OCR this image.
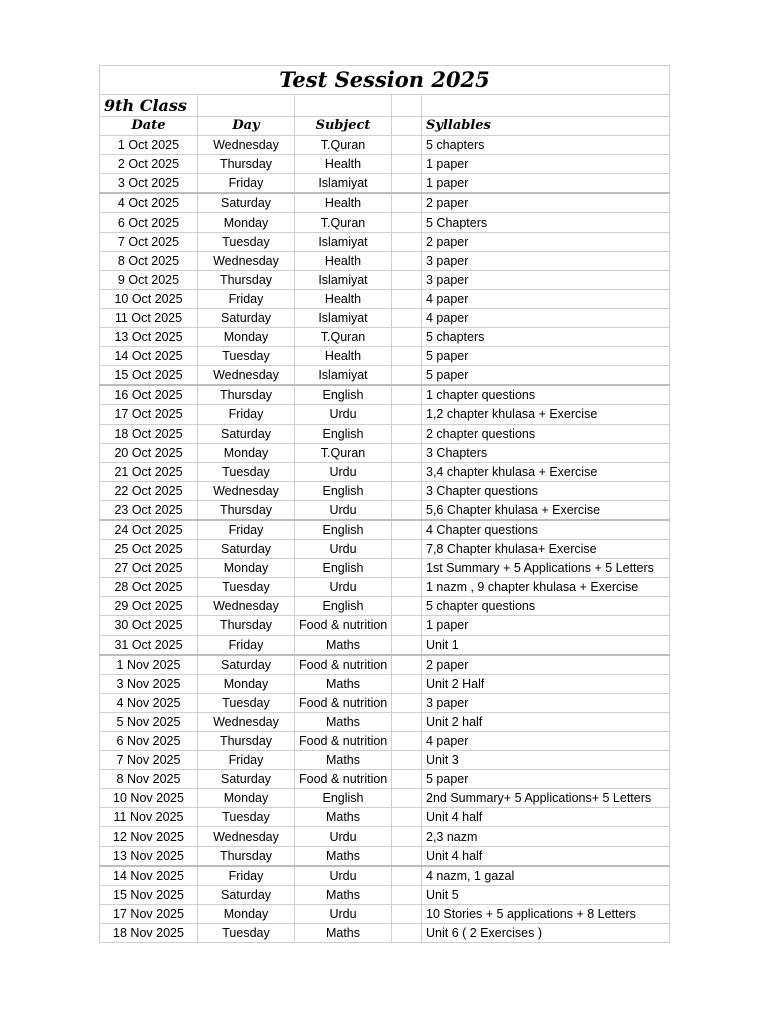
Test Session 2025				
9th Class				
Date	Day	Subject		Syllables
1 Oct 2025	Wednesday	T.Quran		5 chapters
2 Oct 2025	Thursday	Health		1 paper
3 Oct 2025	Friday	Islamiyat		1 paper
4 Oct 2025	Saturday	Health		2 paper
6 Oct 2025	Monday	T.Quran		5 Chapters
7 Oct 2025	Tuesday	Islamiyat		2 paper
8 Oct 2025	Wednesday	Health		3 paper
9 Oct 2025	Thursday	Islamiyat		3 paper
10 Oct 2025	Friday	Health		4 paper
11 Oct 2025	Saturday	Islamiyat		4 paper
13 Oct 2025	Monday	T.Quran		5 chapters
14 Oct 2025	Tuesday	Health		5 paper
15 Oct 2025	Wednesday	Islamiyat		5 paper
16 Oct 2025	Thursday	English		1 chapter questions
17 Oct 2025	Friday	Urdu		1,2 chapter khulasa + Exercise
18 Oct 2025	Saturday	English		2 chapter questions
20 Oct 2025	Monday	T.Quran		3 Chapters
21 Oct 2025	Tuesday	Urdu		3,4 chapter khulasa + Exercise
22 Oct 2025	Wednesday	English		3 Chapter questions
23 Oct 2025	Thursday	Urdu		5,6 Chapter khulasa + Exercise
24 Oct 2025	Friday	English		4 Chapter questions
25 Oct 2025	Saturday	Urdu		7,8 Chapter khulasa+ Exercise
27 Oct 2025	Monday	English		1st Summary + 5 Applications + 5 Letters
28 Oct 2025	Tuesday	Urdu		1 nazm , 9 chapter khulasa + Exercise
29 Oct 2025	Wednesday	English		5 chapter questions
30 Oct 2025	Thursday	Food & nutrition		1 paper
31 Oct 2025	Friday	Maths		Unit 1
1 Nov 2025	Saturday	Food & nutrition		2 paper
3 Nov 2025	Monday	Maths		Unit 2 Half
4 Nov 2025	Tuesday	Food & nutrition		3 paper
5 Nov 2025	Wednesday	Maths		Unit 2 half
6 Nov 2025	Thursday	Food & nutrition		4 paper
7 Nov 2025	Friday	Maths		Unit 3
8 Nov 2025	Saturday	Food & nutrition		5 paper
10 Nov 2025	Monday	English		2nd Summary+ 5 Applications+ 5 Letters
11 Nov 2025	Tuesday	Maths		Unit 4 half
12 Nov 2025	Wednesday	Urdu		2,3 nazm
13 Nov 2025	Thursday	Maths		Unit 4 half
14 Nov 2025	Friday	Urdu		4 nazm, 1 gazal
15 Nov 2025	Saturday	Maths		Unit 5
17 Nov 2025	Monday	Urdu		10 Stories + 5 applications + 8 Letters
18 Nov 2025	Tuesday	Maths		Unit 6 ( 2 Exercises )
